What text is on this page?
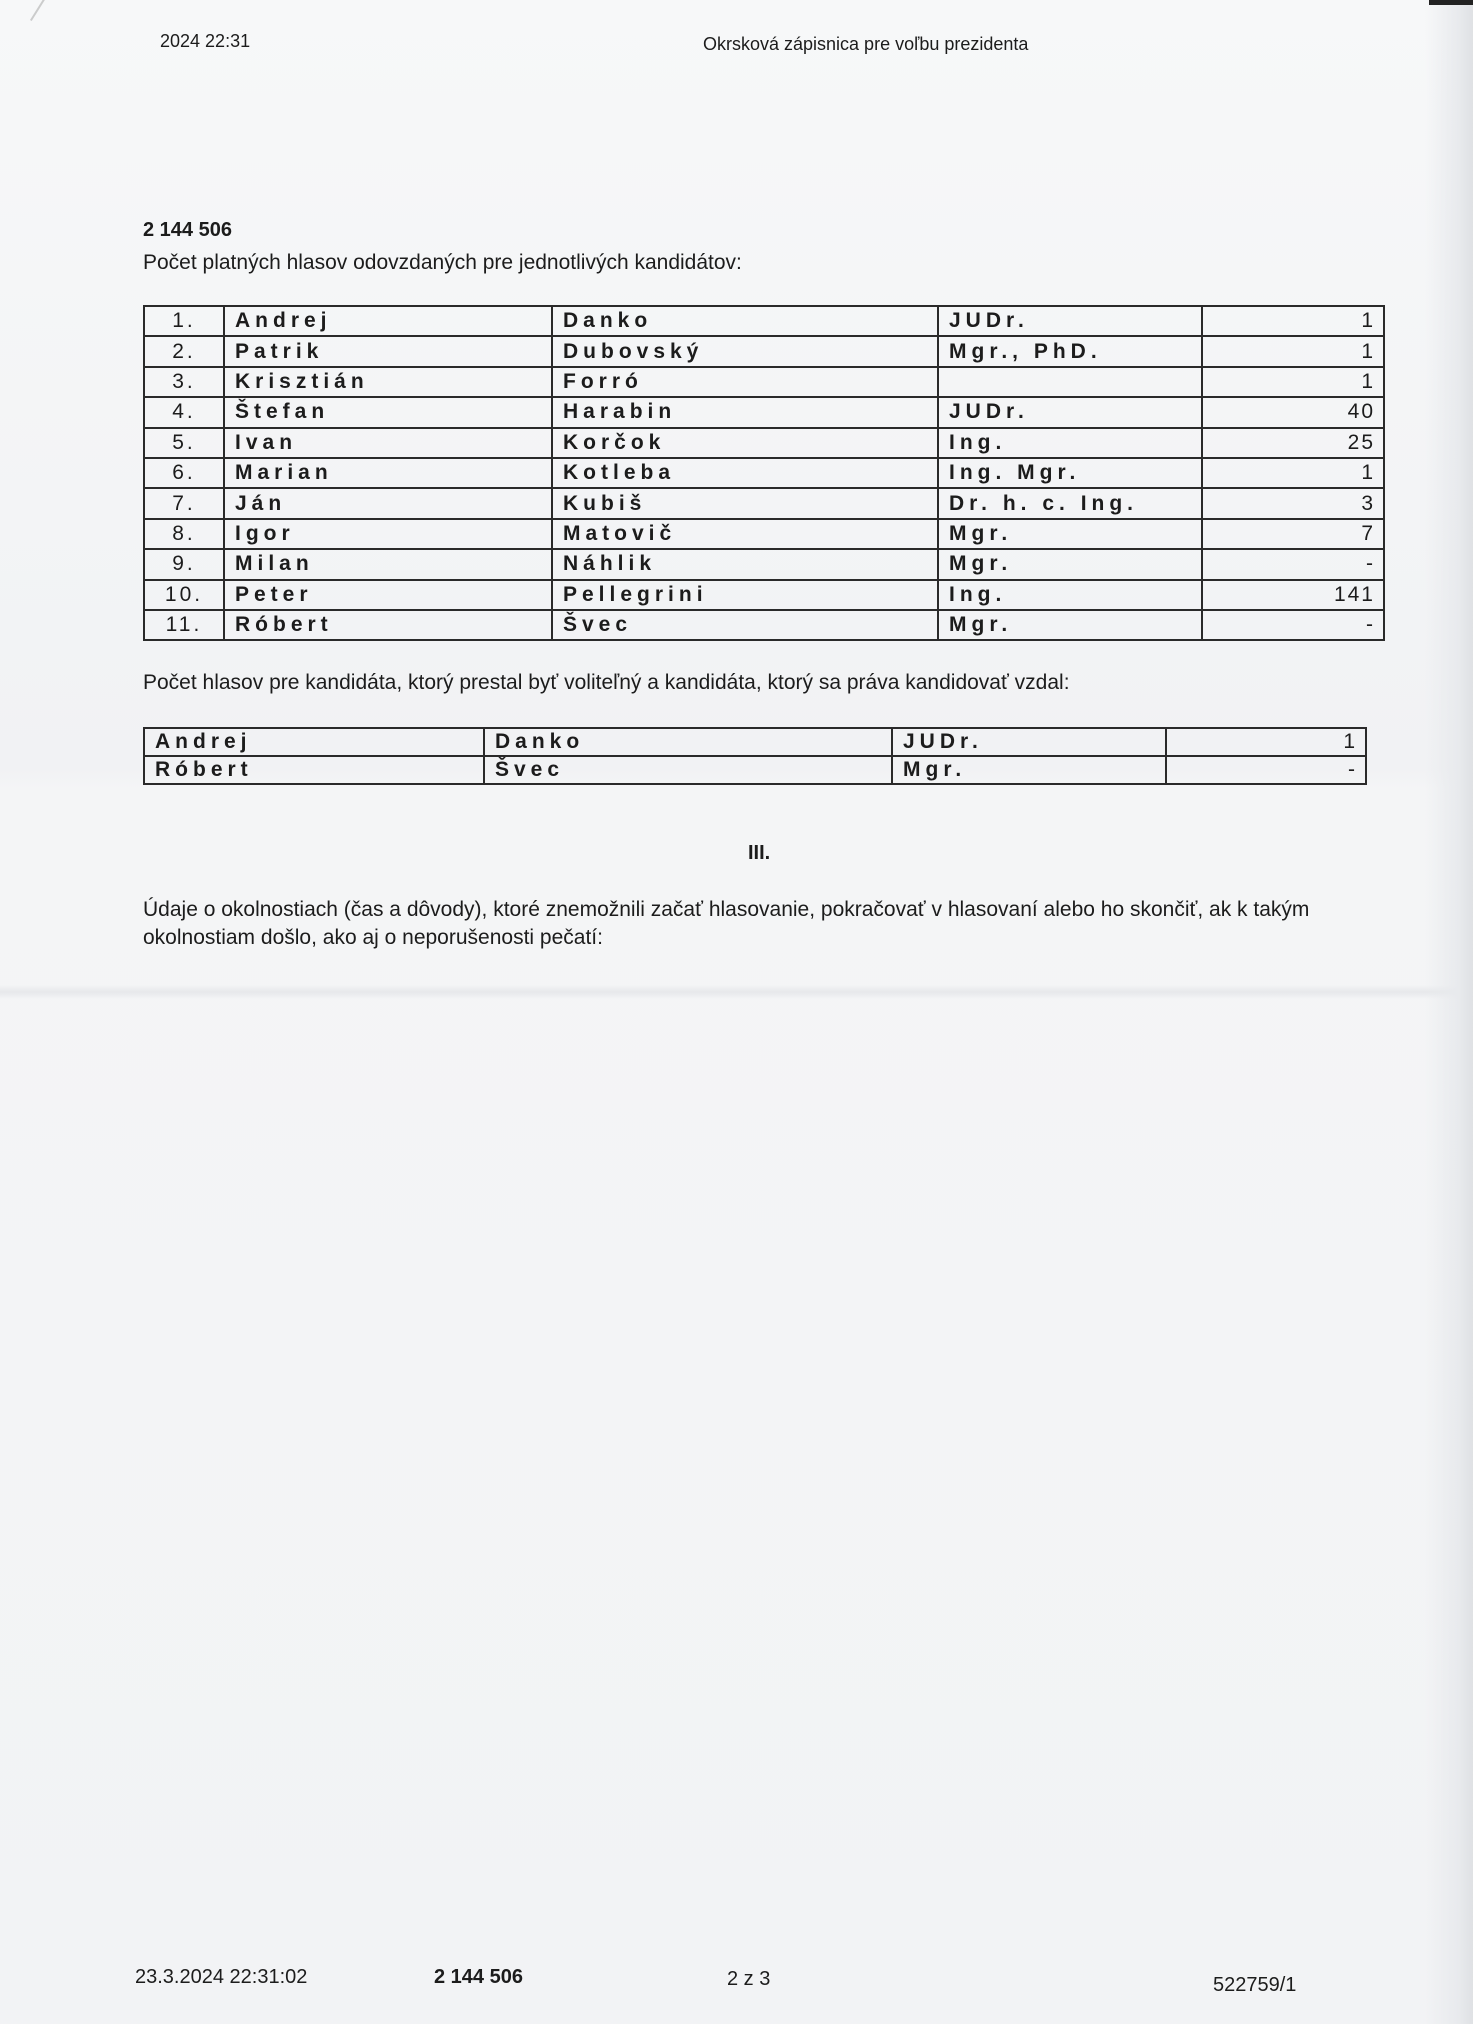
2024 22:31	Okrsková zápisnica pre voľbu prezidenta
2 144 506
Počet platných hlasov odovzdaných pre jednotlivých kandidátov:
1.	Andrej	Danko	JUDr.	1
2.	Patrik	Dubovský	Mgr., PhD.	1
3.	Krisztián	Forró		1
4.	Štefan	Harabin	JUDr.	40
5.	Ivan	Korčok	Ing.	25
6.	Marian	Kotleba	Ing. Mgr.	1
7.	Ján	Kubiš	Dr. h. c. Ing.	3
8.	Igor	Matovič	Mgr.	7
9.	Milan	Náhlik	Mgr.	-
10.	Peter	Pellegrini	Ing.	141
11.	Róbert	Švec	Mgr.	-
Počet hlasov pre kandidáta, ktorý prestal byť voliteľný a kandidáta, ktorý sa práva kandidovať vzdal:
Andrej	Danko	JUDr.	1
Róbert	Švec	Mgr.	-
III.
Údaje o okolnostiach (čas a dôvody), ktoré znemožnili začať hlasovanie, pokračovať v hlasovaní alebo ho skončiť, ak k takým okolnostiam došlo, ako aj o neporušenosti pečatí:
23.3.2024 22:31:02	2 144 506	2 z 3	522759/1
